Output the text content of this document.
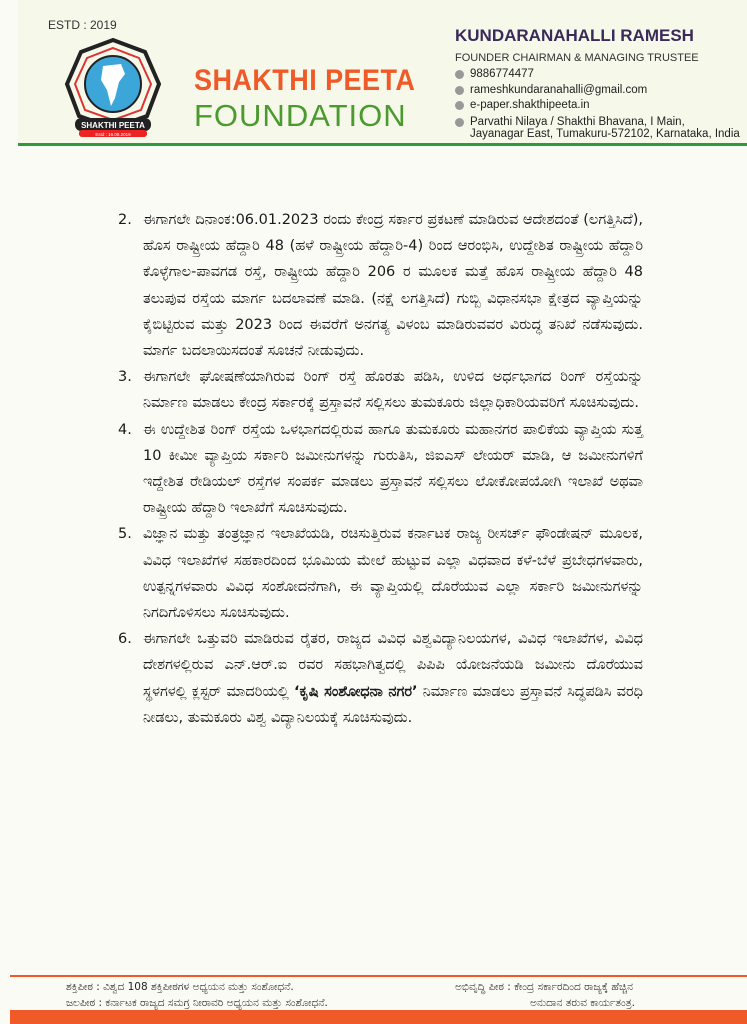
ESTD : 2019
SHAKTHI PEETA
Estd : 16.08.2019
SHAKTHI PEETA
FOUNDATION
KUNDARANAHALLI RAMESH
FOUNDER CHAIRMAN & MANAGING TRUSTEE
9886774477
rameshkundaranahalli@gmail.com
e-paper.shakthipeeta.in
Parvathi Nilaya / Shakthi Bhavana, I Main,
Jayanagar East, Tumakuru-572102, Karnataka, India
2. ಈಗಾಗಲೇ ದಿನಾಂಕ:06.01.2023 ರಂದು ಕೇಂದ್ರ ಸರ್ಕಾರ ಪ್ರಕಟಣೆ ಮಾಡಿರುವ ಆದೇಶದಂತೆ (ಲಗತ್ತಿಸಿದೆ), ಹೊಸ ರಾಷ್ಟ್ರೀಯ ಹೆದ್ದಾರಿ 48 (ಹಳೆ ರಾಷ್ಟ್ರೀಯ ಹೆದ್ದಾರಿ-4) ರಿಂದ ಆರಂಭಿಸಿ, ಉದ್ದೇಶಿತ ರಾಷ್ಟ್ರೀಯ ಹೆದ್ದಾರಿ ಕೊಳ್ಳೆಗಾಲ-ಪಾವಗಡ ರಸ್ತೆ, ರಾಷ್ಟ್ರೀಯ ಹೆದ್ದಾರಿ 206 ರ ಮೂಲಕ ಮತ್ತೆ ಹೊಸ ರಾಷ್ಟ್ರೀಯ ಹೆದ್ದಾರಿ 48 ತಲುಪುವ ರಸ್ತೆಯ ಮಾರ್ಗ ಬದಲಾವಣೆ ಮಾಡಿ. (ನಕ್ಷೆ ಲಗತ್ತಿಸಿದೆ) ಗುಬ್ಬಿ ವಿಧಾನಸಭಾ ಕ್ಷೇತ್ರದ ವ್ಯಾಪ್ತಿಯನ್ನು ಕೈಬಿಟ್ಟಿರುವ ಮತ್ತು 2023 ರಿಂದ ಈವರೆಗೆ ಅನಗತ್ಯ ವಿಳಂಬ ಮಾಡಿರುವವರ ವಿರುದ್ಧ ತನಿಖೆ ನಡೆಸುವುದು. ಮಾರ್ಗ ಬದಲಾಯಿಸದಂತೆ ಸೂಚನೆ ನೀಡುವುದು.
3. ಈಗಾಗಲೇ ಘೋಷಣೆಯಾಗಿರುವ ರಿಂಗ್ ರಸ್ತೆ ಹೊರತು ಪಡಿಸಿ, ಉಳಿದ ಅರ್ಧಭಾಗದ ರಿಂಗ್ ರಸ್ತೆಯನ್ನು ನಿರ್ಮಾಣ ಮಾಡಲು ಕೇಂದ್ರ ಸರ್ಕಾರಕ್ಕೆ ಪ್ರಸ್ತಾವನೆ ಸಲ್ಲಿಸಲು ತುಮಕೂರು ಜಿಲ್ಲಾಧಿಕಾರಿಯವರಿಗೆ ಸೂಚಿಸುವುದು.
4. ಈ ಉದ್ದೇಶಿತ ರಿಂಗ್ ರಸ್ತೆಯ ಒಳಭಾಗದಲ್ಲಿರುವ ಹಾಗೂ ತುಮಕೂರು ಮಹಾನಗರ ಪಾಲಿಕೆಯ ವ್ಯಾಪ್ತಿಯ ಸುತ್ತ 10 ಕೀಮೀ ವ್ಯಾಪ್ತಿಯ ಸರ್ಕಾರಿ ಜಮೀನುಗಳನ್ನು ಗುರುತಿಸಿ, ಜಿಐಎಸ್ ಲೇಯರ್ ಮಾಡಿ, ಆ ಜಮೀನುಗಳಿಗೆ ಇದ್ದೇಶಿತ ರೇಡಿಯಲ್ ರಸ್ತೆಗಳ ಸಂಪರ್ಕ ಮಾಡಲು ಪ್ರಸ್ತಾವನೆ ಸಲ್ಲಿಸಲು ಲೋಕೋಪಯೋಗಿ ಇಲಾಖೆ ಅಥವಾ ರಾಷ್ಟ್ರೀಯ ಹೆದ್ದಾರಿ ಇಲಾಖೆಗೆ ಸೂಚಿಸುವುದು.
5. ವಿಜ್ಞಾನ ಮತ್ತು ತಂತ್ರಜ್ಞಾನ ಇಲಾಖೆಯಡಿ, ರಚಿಸುತ್ತಿರುವ ಕರ್ನಾಟಕ ರಾಜ್ಯ ರೀಸರ್ಚ್ ಫೌಂಡೇಷನ್ ಮೂಲಕ, ವಿವಿಧ ಇಲಾಖೆಗಳ ಸಹಕಾರದಿಂದ ಭೂಮಿಯ ಮೇಲೆ ಹುಟ್ಟುವ ಎಲ್ಲಾ ವಿಧವಾದ ಕಳೆ-ಬೆಳೆ ಪ್ರಬೇಧಗಳವಾರು, ಉತ್ಪನ್ನಗಳವಾರು ವಿವಿಧ ಸಂಶೋದನೆಗಾಗಿ, ಈ ವ್ಯಾಪ್ತಿಯಲ್ಲಿ ದೊರೆಯುವ ಎಲ್ಲಾ ಸರ್ಕಾರಿ ಜಮೀನುಗಳನ್ನು ನಿಗದಿಗೊಳಿಸಲು ಸೂಚಿಸುವುದು.
6. ಈಗಾಗಲೇ ಒತ್ತುವರಿ ಮಾಡಿರುವ ರೈತರ, ರಾಜ್ಯದ ವಿವಿಧ ವಿಶ್ವವಿದ್ಯಾನಿಲಯಗಳ, ವಿವಿಧ ಇಲಾಖೆಗಳ, ವಿವಿಧ ದೇಶಗಳಲ್ಲಿರುವ ಎನ್.ಆರ್.ಐ ರವರ ಸಹಭಾಗಿತ್ವದಲ್ಲಿ ಪಿಪಿಪಿ ಯೋಜನೆಯಡಿ ಜಮೀನು ದೊರೆಯುವ ಸ್ಥಳಗಳಲ್ಲಿ ಕ್ಲಸ್ಟರ್ ಮಾದರಿಯಲ್ಲಿ ‘ಕೃಷಿ ಸಂಶೋಧನಾ ನಗರ’ ನಿರ್ಮಾಣ ಮಾಡಲು ಪ್ರಸ್ತಾವನೆ ಸಿದ್ಧಪಡಿಸಿ ವರಧಿ ನೀಡಲು, ತುಮಕೂರು ವಿಶ್ವ ವಿದ್ಯಾನಿಲಯಕ್ಕೆ ಸೂಚಿಸುವುದು.
ಶಕ್ತಿಪೀಠ : ವಿಶ್ವದ 108 ಶಕ್ತಿಪೀಠಗಳ ಅಧ್ಯಯನ ಮತ್ತು ಸಂಶೋಧನೆ.
ಜಲಪೀಠ : ಕರ್ನಾಟಕ ರಾಜ್ಯದ ಸಮಗ್ರ ನೀರಾವರಿ ಅಧ್ಯಯನ ಮತ್ತು ಸಂಶೋಧನೆ.
ಅಭಿವೃದ್ಧಿ ಪೀಠ : ಕೇಂದ್ರ ಸರ್ಕಾರದಿಂದ ರಾಜ್ಯಕ್ಕೆ ಹೆಚ್ಚಿನ
ಅನುದಾನ ತರುವ ಕಾರ್ಯತಂತ್ರ.
